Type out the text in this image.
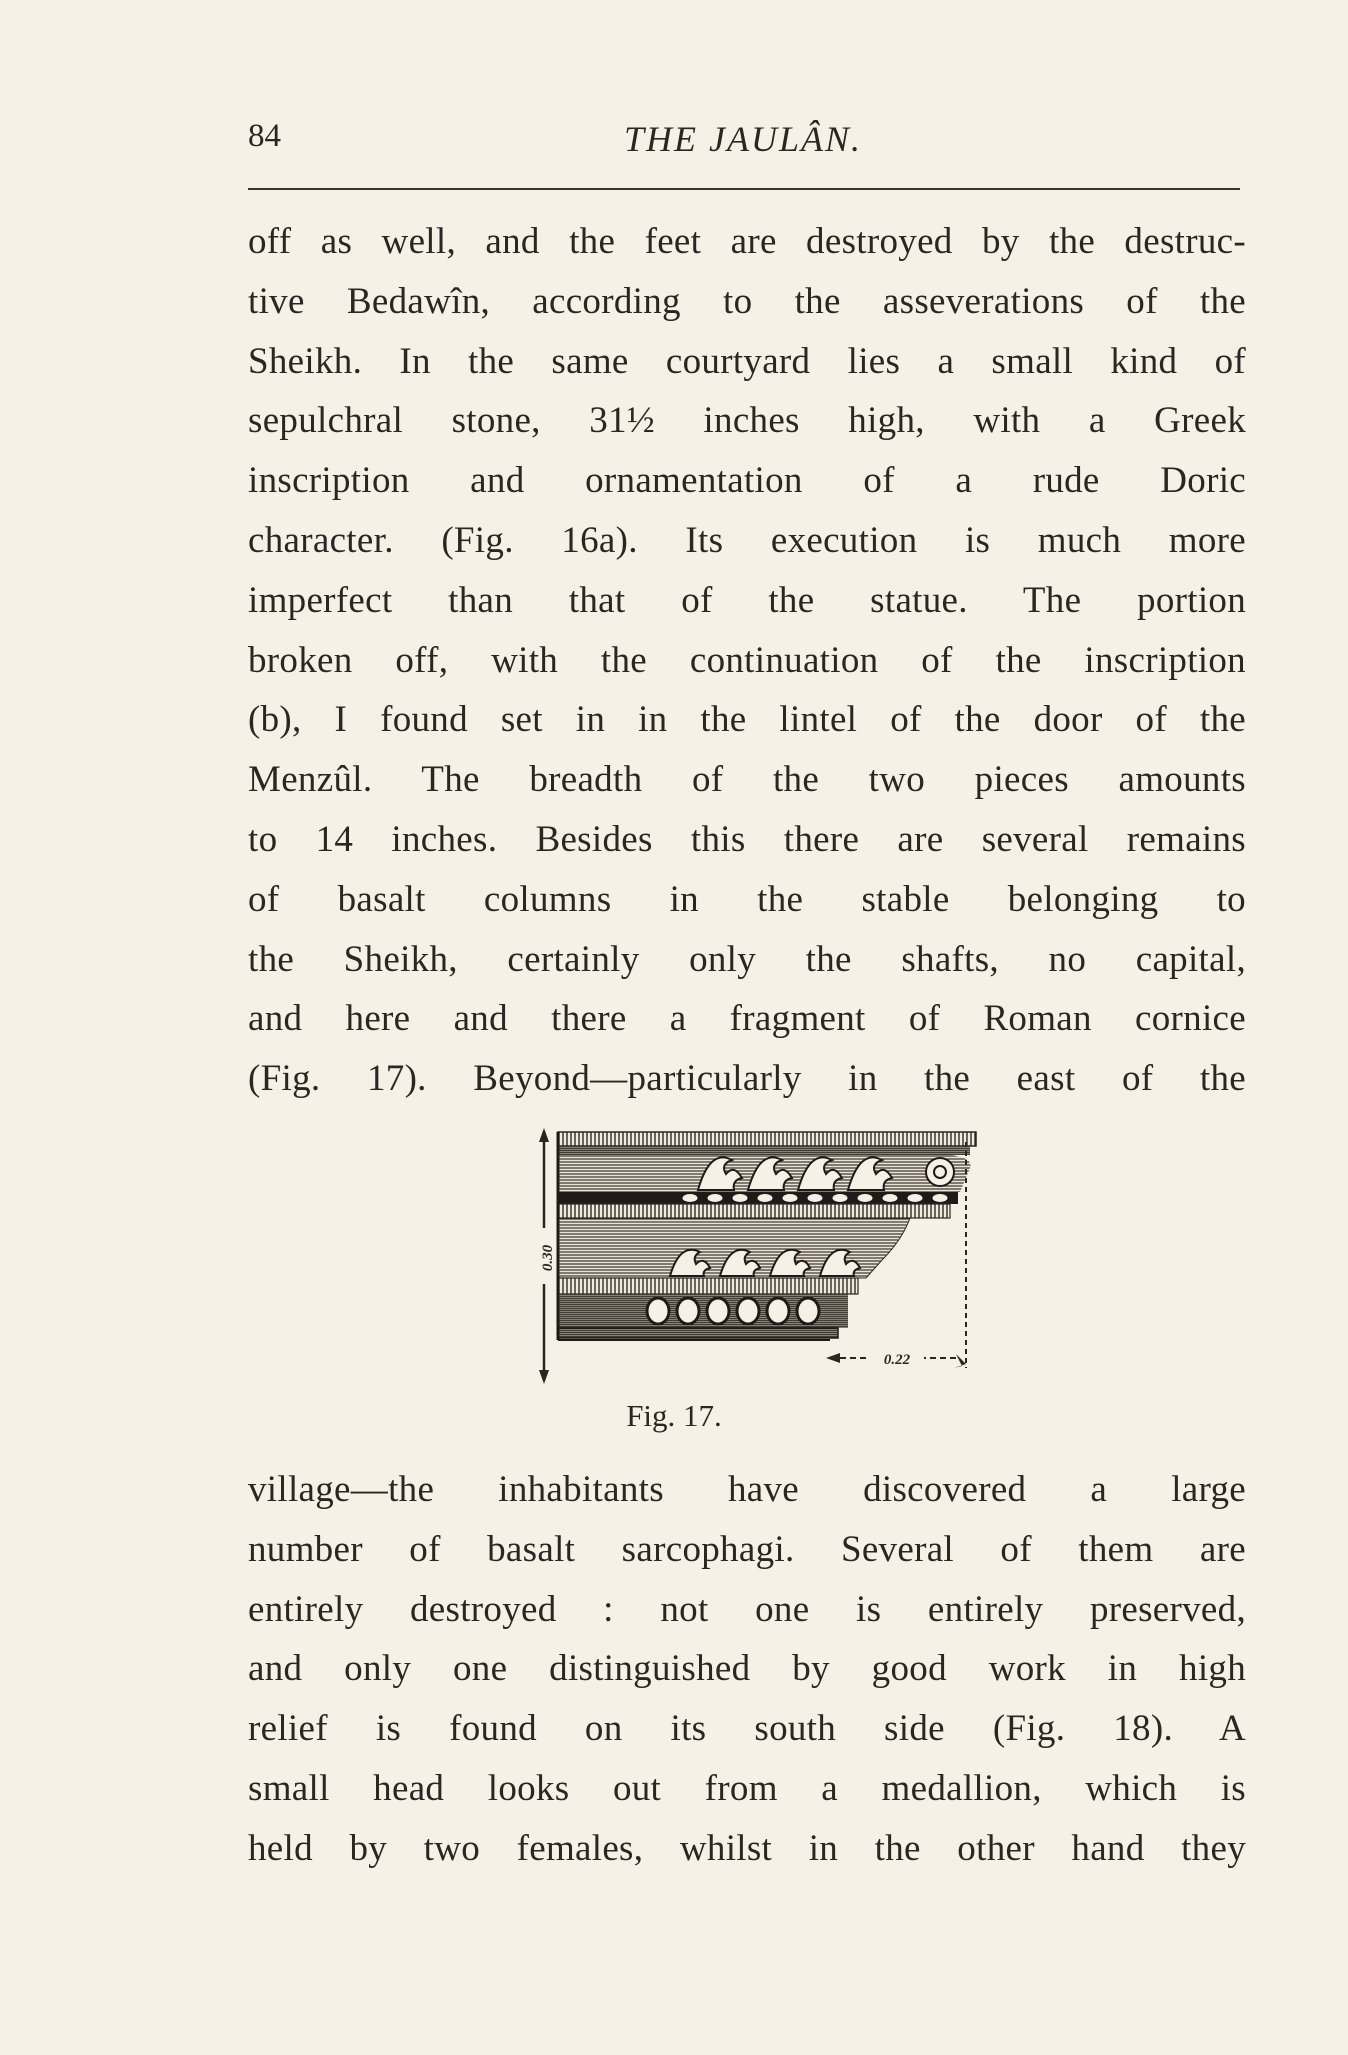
84	THE JAULÂN.

off as well, and the feet are destroyed by the destruc-
tive Bedawîn, according to the asseverations of the
Sheikh. In the same courtyard lies a small kind of
sepulchral stone, 31½ inches high, with a Greek
inscription and ornamentation of a rude Doric
character. (Fig. 16a). Its execution is much more
imperfect than that of the statue. The portion
broken off, with the continuation of the inscription
(b), I found set in in the lintel of the door of the
Menzûl. The breadth of the two pieces amounts
to 14 inches. Besides this there are several remains
of basalt columns in the stable belonging to
the Sheikh, certainly only the shafts, no capital,
and here and there a fragment of Roman cornice
(Fig. 17). Beyond—particularly in the east of the

0.30
0.22
Fig. 17.

village—the inhabitants have discovered a large
number of basalt sarcophagi. Several of them are
entirely destroyed : not one is entirely preserved,
and only one distinguished by good work in high
relief is found on its south side (Fig. 18). A
small head looks out from a medallion, which is
held by two females, whilst in the other hand they
